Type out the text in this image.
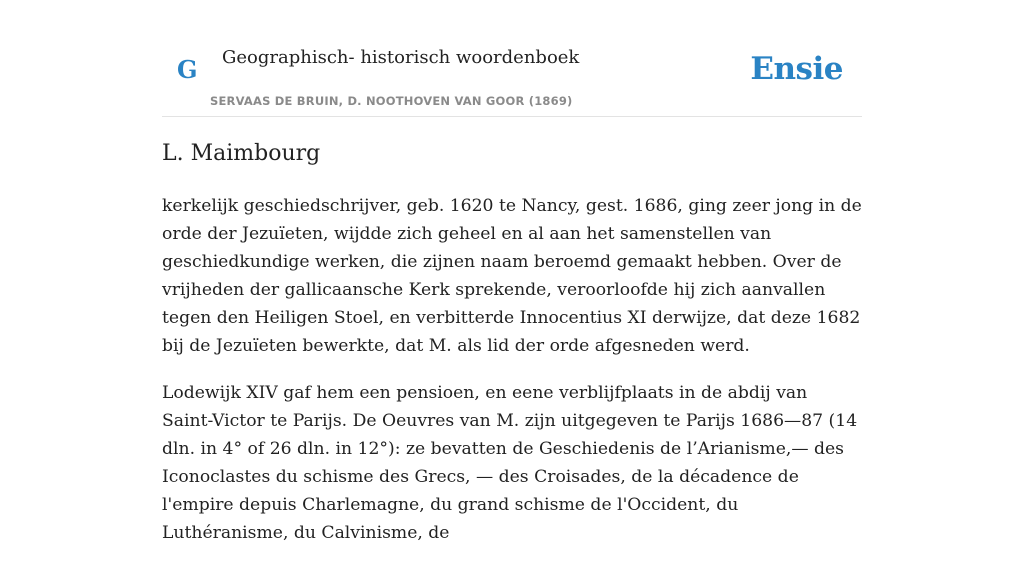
G Geographisch- historisch woordenboek
SERVAAS DE BRUIN, D. NOOTHOVEN VAN GOOR (1869)
Ensie
L. Maimbourg

kerkelijk geschiedschrijver, geb. 1620 te Nancy, gest. 1686, ging zeer jong in de orde der Jezuïeten, wijdde zich geheel en al aan het samenstellen van geschiedkundige werken, die zijnen naam beroemd gemaakt hebben. Over de vrijheden der gallicaansche Kerk sprekende, veroorloofde hij zich aanvallen tegen den Heiligen Stoel, en verbitterde Innocentius XI derwijze, dat deze 1682 bij de Jezuïeten bewerkte, dat M. als lid der orde afgesneden werd.

Lodewijk XIV gaf hem een pensioen, en eene verblijfplaats in de abdij van Saint-Victor te Parijs. De Oeuvres van M. zijn uitgegeven te Parijs 1686—87 (14 dln. in 4° of 26 dln. in 12°): ze bevatten de Geschiedenis de l’Arianisme,— des Iconoclastes du schisme des Grecs, — des Croisades, de la décadence de l'empire depuis Charlemagne, du grand schisme de l'Occident, du Luthéranisme, du Calvinisme, de
